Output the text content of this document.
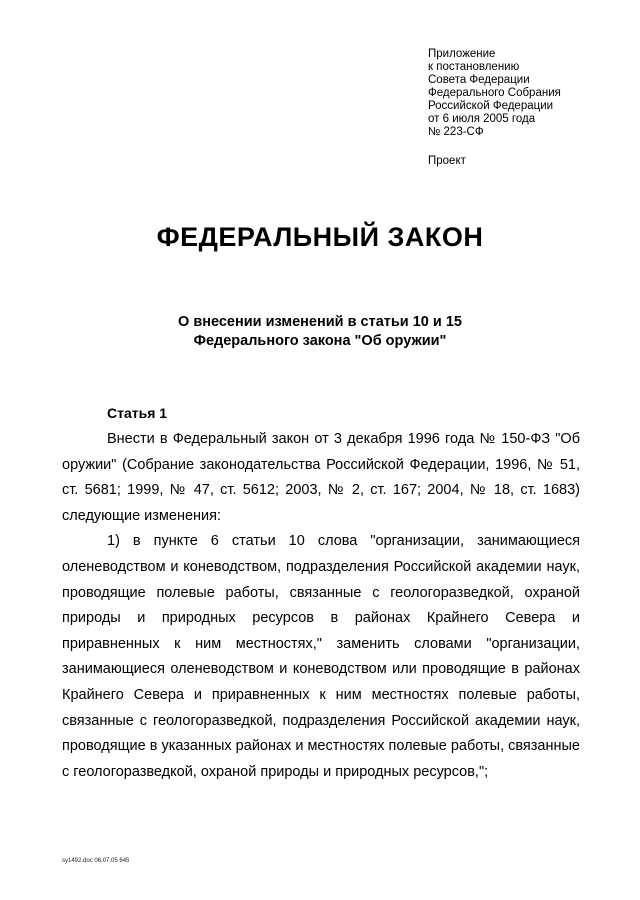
Приложение
к постановлению
Совета Федерации
Федерального Собрания
Российской Федерации
от 6 июля 2005 года
№ 223-СФ
Проект
ФЕДЕРАЛЬНЫЙ ЗАКОН
О внесении изменений в статьи 10 и 15
Федерального закона "Об оружии"
Статья 1

Внести в Федеральный закон от 3 декабря 1996 года № 150-ФЗ "Об оружии" (Собрание законодательства Российской Федерации, 1996, № 51, ст. 5681; 1999, № 47, ст. 5612; 2003, № 2, ст. 167; 2004, № 18, ст. 1683) следующие изменения:

1) в пункте 6 статьи 10 слова "организации, занимающиеся оленеводством и коневодством, подразделения Российской академии наук, проводящие полевые работы, связанные с геологоразведкой, охраной природы и природных ресурсов в районах Крайнего Севера и приравненных к ним местностях," заменить словами "организации, занимающиеся оленеводством и коневодством или проводящие в районах Крайнего Севера и приравненных к ним местностях полевые работы, связанные с геологоразведкой, подразделения Российской академии наук, проводящие в указанных районах и местностях полевые работы, связанные с геологоразведкой, охраной природы и природных ресурсов,";

sy1492.doc 06.07.05 645
